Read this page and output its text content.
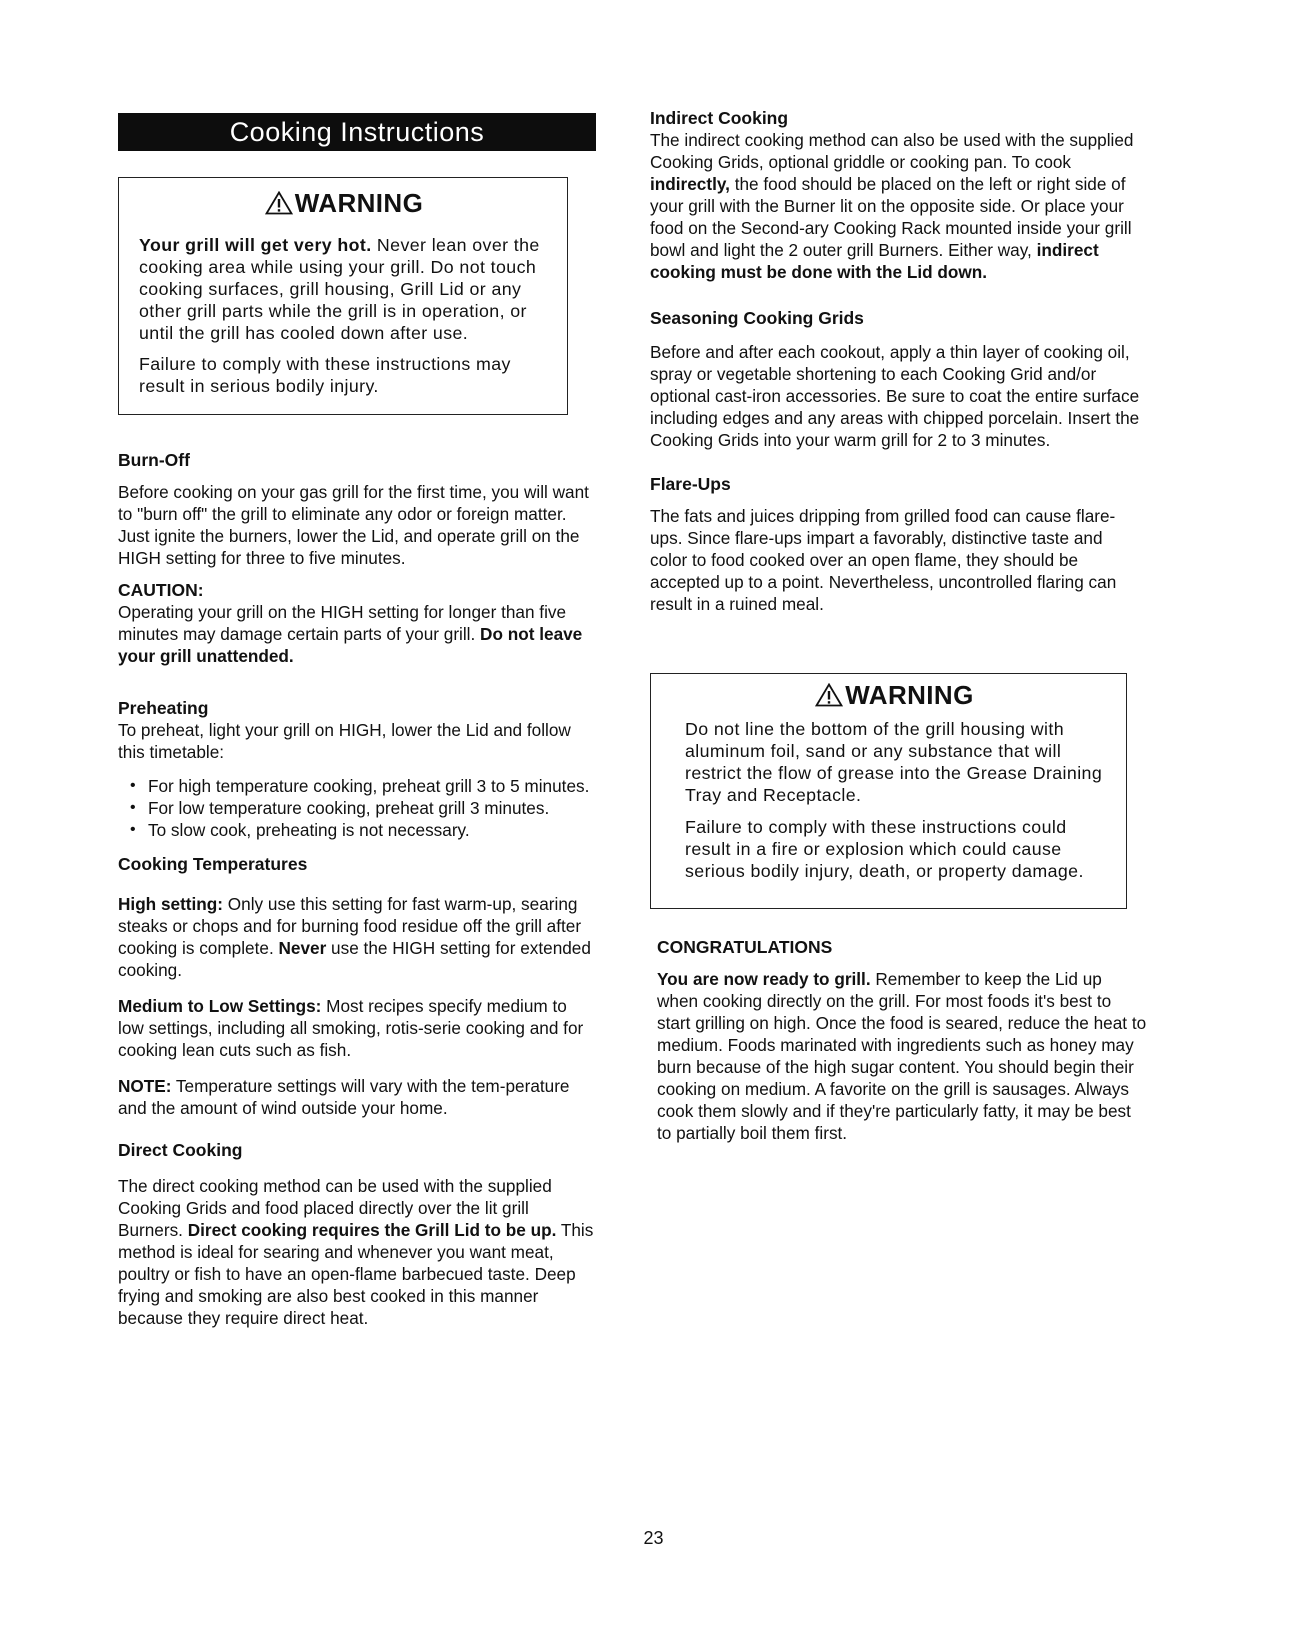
Cooking Instructions

WARNING

Your grill will get very hot. Never lean over the cooking area while using your grill. Do not touch cooking surfaces, grill housing, Grill Lid or any other grill parts while the grill is in operation, or until the grill has cooled down after use.

Failure to comply with these instructions may result in serious bodily injury.

Burn-Off

Before cooking on your gas grill for the first time, you will want to "burn off" the grill to eliminate any odor or foreign matter. Just ignite the burners, lower the Lid, and operate grill on the HIGH setting for three to five minutes.

CAUTION:

Operating your grill on the HIGH setting for longer than five minutes may damage certain parts of your grill. Do not leave your grill unattended.

Preheating

To preheat, light your grill on HIGH, lower the Lid and follow this timetable:

• For high temperature cooking, preheat grill 3 to 5 minutes.
• For low temperature cooking, preheat grill 3 minutes.
• To slow cook, preheating is not necessary.

Cooking Temperatures

High setting: Only use this setting for fast warm-up, searing steaks or chops and for burning food residue off the grill after cooking is complete. Never use the HIGH setting for extended cooking.

Medium to Low Settings: Most recipes specify medium to low settings, including all smoking, rotis-serie cooking and for cooking lean cuts such as fish.

NOTE: Temperature settings will vary with the tem-perature and the amount of wind outside your home.

Direct Cooking

The direct cooking method can be used with the supplied Cooking Grids and food placed directly over the lit grill Burners. Direct cooking requires the Grill Lid to be up. This method is ideal for searing and whenever you want meat, poultry or fish to have an open-flame barbecued taste. Deep frying and smoking are also best cooked in this manner because they require direct heat.

Indirect Cooking

The indirect cooking method can also be used with the supplied Cooking Grids, optional griddle or cooking pan. To cook indirectly, the food should be placed on the left or right side of your grill with the Burner lit on the opposite side. Or place your food on the Second-ary Cooking Rack mounted inside your grill bowl and light the 2 outer grill Burners. Either way, indirect cooking must be done with the Lid down.

Seasoning Cooking Grids

Before and after each cookout, apply a thin layer of cooking oil, spray or vegetable shortening to each Cooking Grid and/or optional cast-iron accessories. Be sure to coat the entire surface including edges and any areas with chipped porcelain. Insert the Cooking Grids into your warm grill for 2 to 3 minutes.

Flare-Ups

The fats and juices dripping from grilled food can cause flare-ups. Since flare-ups impart a favorably, distinctive taste and color to food cooked over an open flame, they should be accepted up to a point. Nevertheless, uncontrolled flaring can result in a ruined meal.

WARNING

Do not line the bottom of the grill housing with aluminum foil, sand or any substance that will restrict the flow of grease into the Grease Draining Tray and Receptacle.

Failure to comply with these instructions could result in a fire or explosion which could cause serious bodily injury, death, or property damage.

CONGRATULATIONS

You are now ready to grill. Remember to keep the Lid up when cooking directly on the grill. For most foods it's best to start grilling on high. Once the food is seared, reduce the heat to medium. Foods marinated with ingredients such as honey may burn because of the high sugar content. You should begin their cooking on medium. A favorite on the grill is sausages. Always cook them slowly and if they're particularly fatty, it may be best to partially boil them first.

23
